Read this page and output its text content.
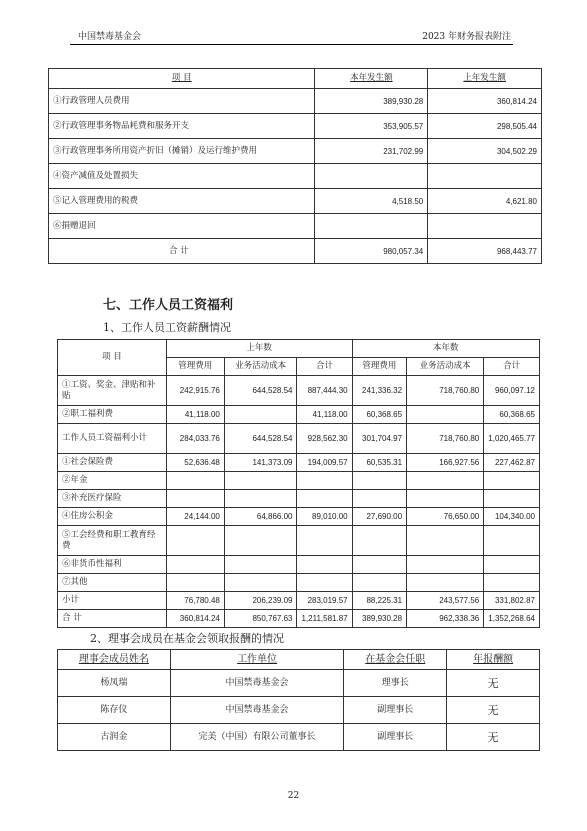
中国禁毒基金会	2023 年财务报表附注
项 目	本年发生额	上年发生额
①行政管理人员费用	389,930.28	360,814.24
②行政管理事务物品耗费和服务开支	353,905.57	298,505.44
③行政管理事务所用资产折旧（摊销）及运行维护费用	231,702.99	304,502.29
④资产减值及处置损失		
⑤记入管理费用的税费	4,518.50	4,621.80
⑥捐赠退回		
合 计	980,057.34	968,443.77
七、工作人员工资福利
1、工作人员工资薪酬情况
项 目	上年数			本年数		
	管理费用	业务活动成本	合计	管理费用	业务活动成本	合计
①工资、奖金、津贴和补贴	242,915.76	644,528.54	887,444.30	241,336.32	718,760.80	960,097.12
②职工福利费	41,118.00		41,118.00	60,368.65		60,368.65
工作人员工资福利小计	284,033.76	644,528.54	928,562.30	301,704.97	718,760.80	1,020,465.77
①社会保险费	52,636.48	141,373.09	194,009.57	60,535.31	166,927.56	227,462.87
②年金						
③补充医疗保险						
④住房公积金	24,144.00	64,866.00	89,010.00	27,690.00	76,650.00	104,340.00
⑤工会经费和职工教育经费						
⑥非货币性福利						
⑦其他						
小计	76,780.48	206,239.09	283,019.57	88,225.31	243,577.56	331,802.87
合 计	360,814.24	850,767.63	1,211,581.87	389,930.28	962,338.36	1,352,268.64
2、理事会成员在基金会领取报酬的情况
理事会成员姓名	工作单位	在基金会任职	年报酬额
杨凤瑞	中国禁毒基金会	理事长	无
陈存仪	中国禁毒基金会	副理事长	无
古润金	完美（中国）有限公司董事长	副理事长	无
22
